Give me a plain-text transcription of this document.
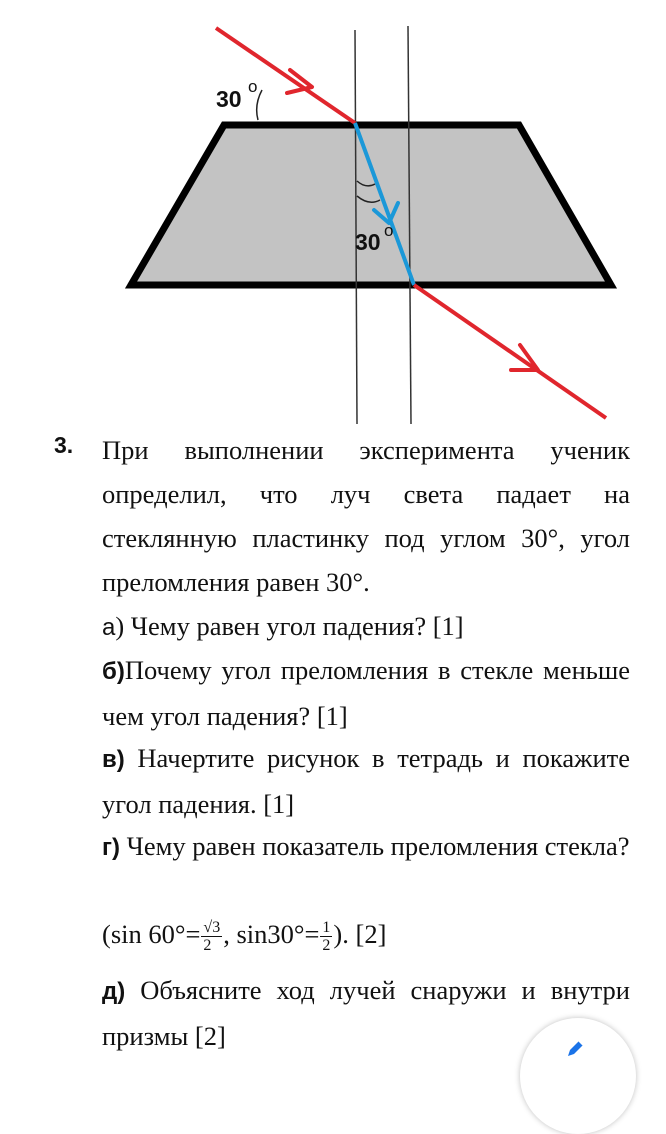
30 o
30 o
3. При выполнении эксперимента ученик определил, что луч света падает на стеклянную пластинку под углом 30°, угол преломления равен 30°.
а) Чему равен угол падения? [1]
б)Почему угол преломления в стекле меньше чем угол падения? [1]
в) Начертите рисунок в тетрадь и покажите угол падения. [1]
г) Чему равен показатель преломления стекла?
(sin $60^\circ= \frac{√3}{2}$ , $\sin 30^\circ= \frac{1}{2}$ ). [2]
д) Объясните ход лучей снаружи и внутри призмы [2]
